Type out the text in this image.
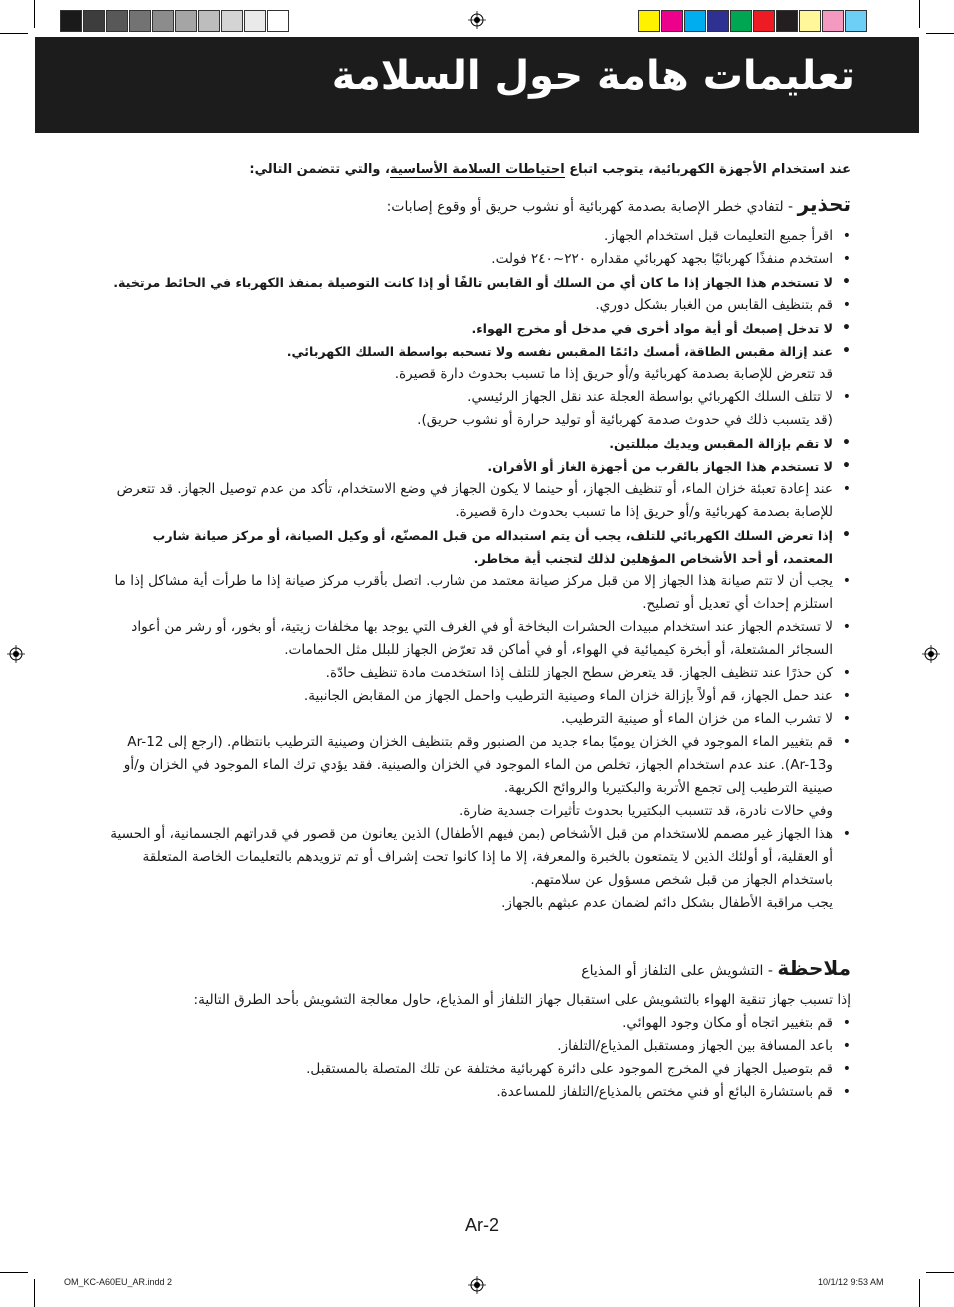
تعليمات هامة حول السلامة
عند استخدام الأجهزة الكهربائية، يتوجب اتباع احتياطات السلامة الأساسية، والتي تتضمن التالي:
تحذير - لتفادي خطر الإصابة بصدمة كهربائية أو نشوب حريق أو وقوع إصابات:
• اقرأ جميع التعليمات قبل استخدام الجهاز.
• استخدم منفذًا كهربائيًا بجهد كهربائي مقداره ٢٢٠~٢٤٠ فولت.
• لا تستخدم هذا الجهاز إذا ما كان أي من السلك أو القابس تالفًا أو إذا كانت التوصيلة بمنفذ الكهرباء في الحائط مرتخية.
• قم بتنظيف القابس من الغبار بشكل دوري.
• لا تدخل إصبعك أو أية مواد أخرى في مدخل أو مخرج الهواء.
• عند إزالة مقبس الطاقة، أمسك دائمًا المقبس نفسه ولا تسحبه بواسطة السلك الكهربائي.
قد تتعرض للإصابة بصدمة كهربائية و/أو حريق إذا ما تسبب بحدوث دارة قصيرة.
• لا تتلف السلك الكهربائي بواسطة العجلة عند نقل الجهاز الرئيسي.
(قد يتسبب ذلك في حدوث صدمة كهربائية أو توليد حرارة أو نشوب حريق).
• لا تقم بإزالة المقبس ويديك مبللتين.
• لا تستخدم هذا الجهاز بالقرب من أجهزة الغاز أو الأفران.
• عند إعادة تعبئة خزان الماء، أو تنظيف الجهاز، أو حينما لا يكون الجهاز في وضع الاستخدام، تأكد من عدم توصيل الجهاز. قد تتعرض للإصابة بصدمة كهربائية و/أو حريق إذا ما تسبب بحدوث دارة قصيرة.
• إذا تعرض السلك الكهربائي للتلف، يجب أن يتم استبداله من قبل المصنّع، أو وكيل الصيانة، أو مركز صيانة شارب المعتمد، أو أحد الأشخاص المؤهلين لذلك لتجنب أية مخاطر.
• يجب أن لا تتم صيانة هذا الجهاز إلا من قبل مركز صيانة معتمد من شارب. اتصل بأقرب مركز صيانة إذا ما طرأت أية مشاكل إذا ما استلزم إحداث أي تعديل أو تصليح.
• لا تستخدم الجهاز عند استخدام مبيدات الحشرات البخاخة أو في الغرف التي يوجد بها مخلفات زيتية، أو بخور، أو رشر من أعواد السجائر المشتعلة، أو أبخرة كيميائية في الهواء، أو في أماكن قد تعرّض الجهاز للبلل مثل الحمامات.
• كن حذرًا عند تنظيف الجهاز. قد يتعرض سطح الجهاز للتلف إذا استخدمت مادة تنظيف حادّة.
• عند حمل الجهاز، قم أولاً بإزالة خزان الماء وصينية الترطيب واحمل الجهاز من المقابض الجانبية.
• لا تشرب الماء من خزان الماء أو صينية الترطيب.
• قم بتغيير الماء الموجود في الخزان يوميًا بماء جديد من الصنبور وقم بتنظيف الخزان وصينية الترطيب بانتظام. (ارجع إلى Ar-12 وAr-13). عند عدم استخدام الجهاز، تخلص من الماء الموجود في الخزان والصينية. فقد يؤدي ترك الماء الموجود في الخزان و/أو صينية الترطيب إلى تجمع الأتربة والبكتيريا والروائح الكريهة.
وفي حالات نادرة، قد تتسبب البكتيريا بحدوث تأثيرات جسدية ضارة.
• هذا الجهاز غير مصمم للاستخدام من قبل الأشخاص (بمن فيهم الأطفال) الذين يعانون من قصور في قدراتهم الجسمانية، أو الحسية أو العقلية، أو أولئك الذين لا يتمتعون بالخبرة والمعرفة، إلا ما إذا كانوا تحت إشراف أو تم تزويدهم بالتعليمات الخاصة المتعلقة باستخدام الجهاز من قبل شخص مسؤول عن سلامتهم.
يجب مراقبة الأطفال بشكل دائم لضمان عدم عبثهم بالجهاز.
ملاحظة - التشويش على التلفاز أو المذياع
إذا تسبب جهاز تنقية الهواء بالتشويش على استقبال جهاز التلفاز أو المذياع، حاول معالجة التشويش بأحد الطرق التالية:
• قم بتغيير اتجاه أو مكان وجود الهوائي.
• باعد المسافة بين الجهاز ومستقبل المذياع/التلفاز.
• قم بتوصيل الجهاز في المخرج الموجود على دائرة كهربائية مختلفة عن تلك المتصلة بالمستقبل.
• قم باستشارة البائع أو فني مختص بالمذياع/التلفاز للمساعدة.
Ar-2
OM_KC-A60EU_AR.indd 2	10/1/12 9:53 AM
